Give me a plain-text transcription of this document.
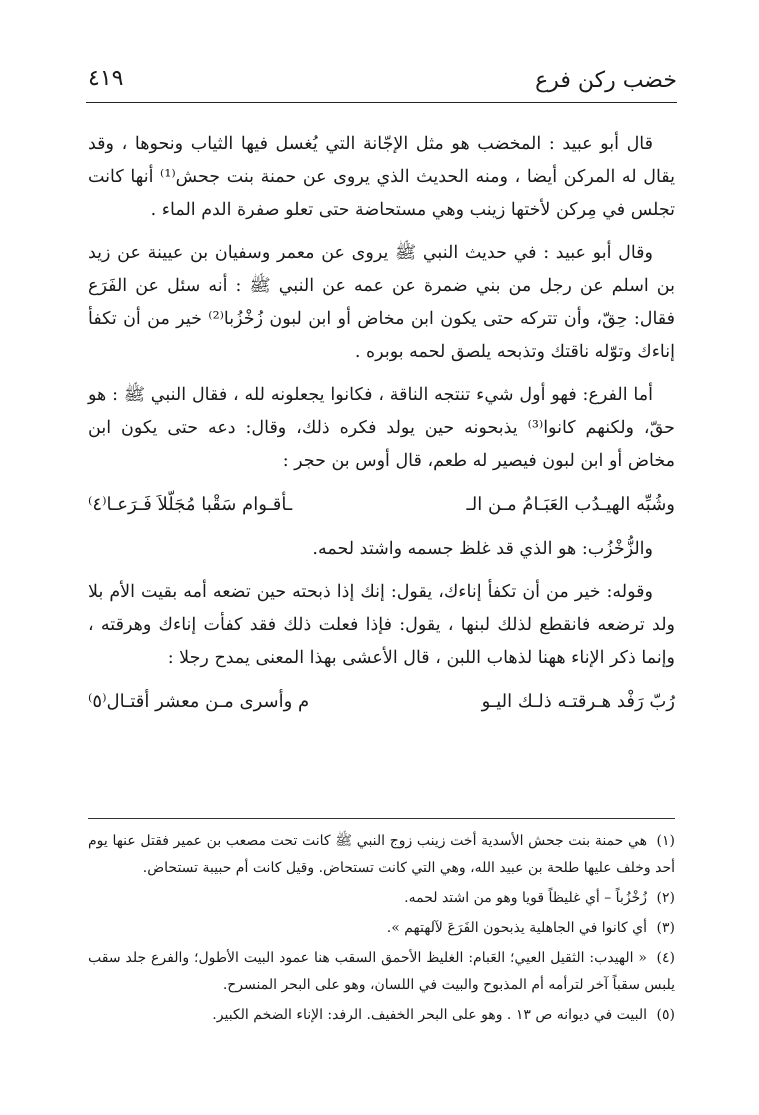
خضب ركن فرع
٤١٩

قال أبو عبيد : المخضب هو مثل الإجّانة التي يُغسل فيها الثياب ونحوها ، وقد يقال له المركن أيضا ، ومنه الحديث الذي يروى عن حمنة بنت جحش⁽¹⁾ أنها كانت تجلس في مِركن لأختها زينب وهي مستحاضة حتى تعلو صفرة الدم الماء .

وقال أبو عبيد : في حديث النبي ﷺ يروى عن معمر وسفيان بن عيينة عن زيد بن اسلم عن رجل من بني ضمرة عن عمه عن النبي ﷺ : أنه سئل عن الفَرَع فقال: حِقّ، وأن تتركه حتى يكون ابن مخاض أو ابن لبون زُخْزُبا⁽²⁾ خير من أن تكفأ إناءك وتوّله ناقتك وتذبحه يلصق لحمه بوبره .

أما الفرع: فهو أول شيء تنتجه الناقة ، فكانوا يجعلونه لله ، فقال النبي ﷺ : هو حقّ، ولكنهم كانوا⁽³⁾ يذبحونه حين يولد فكره ذلك، وقال: دعه حتى يكون ابن مخاض أو ابن لبون فيصير له طعم، قال أوس بن حجر :

وشُبِّه الهيـدُب العَبَـامُ مـن الـ
ـأقـوام سَقْبا مُجَلّلاَ فَـرَعـا⁽٤⁾

والزُّخْزُب: هو الذي قد غلظ جسمه واشتد لحمه.

وقوله: خير من أن تكفأ إناءك، يقول: إنك إذا ذبحته حين تضعه أمه بقيت الأم بلا ولد ترضعه فانقطع لذلك لبنها ، يقول: فإذا فعلت ذلك فقد كفأت إناءك وهرقته ، وإنما ذكر الإناء ههنا لذهاب اللبن ، قال الأعشى بهذا المعنى يمدح رجلا :

رُبّ رَفْد هـرقتـه ذلـك اليـو
م وأسرى مـن معشر أقتـال⁽٥⁾
(١)هي حمنة بنت جحش الأسدية أخت زينب زوج النبي ﷺ كانت تحت مصعب بن عمير فقتل عنها يوم أحد وخلف عليها طلحة بن عبيد الله، وهي التي كانت تستحاض. وقيل كانت أم حبيبة تستحاض.
(٢)زُخْزُباً – أي غليظاً قويا وهو من اشتد لحمه.
(٣)أي كانوا في الجاهلية يذبحون الفَرَعَ لآلهتهم ».
(٤)« الهيدب: الثقيل العيي؛ العَبام: الغليظ الأحمق السقب هنا عمود البيت الأطول؛ والفرع جلد سقب يلبس سقباً آخر لترأمه أم المذبوح والبيت في اللسان، وهو على البحر المنسرح.
(٥)البيت في ديوانه ص ١٣ . وهو على البحر الخفيف. الرفد: الإناء الضخم الكبير.
